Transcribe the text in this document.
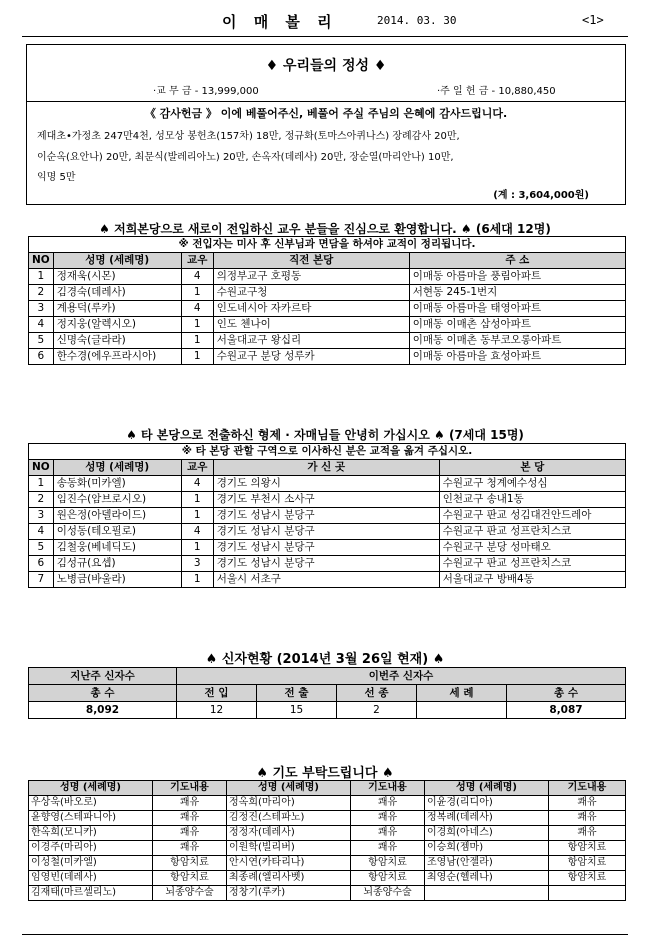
이 매 볼 리	2014. 03. 30	<1>
♦ 우리들의 정성 ♦
·교 무 금 - 13,999,000	·주 일 헌 금 - 10,880,450
《 감사헌금 》 이에 베풀어주신, 베풀어 주실 주님의 은혜에 감사드립니다.
제대초•가정초 247만4천, 성모상 봉헌초(157차) 18만, 정규화(토마스아퀴나스) 장례감사 20만,
이순옥(요안나) 20만, 최문식(발레리아노) 20만, 손옥자(데레사) 20만, 장순열(마리안나) 10만,
익명 5만
(계 : 3,604,000원)
♠ 저희본당으로 새로이 전입하신 교우 분들을 진심으로 환영합니다. ♠ (6세대 12명)
※ 전입자는 미사 후 신부님과 면담을 하셔야 교적이 정리됩니다.				
NO	성명 (세례명)	교우	직전 본당	주 소
1	정재욱(시몬)	4	의정부교구 호평동	이매동 아름마을 풍림아파트
2	김경숙(데레사)	1	수원교구청	서현동 245-1번지
3	계용덕(루카)	4	인도네시아 자카르타	이매동 아름마을 태영아파트
4	정지웅(알렉시오)	1	인도 첸나이	이매동 이매촌 삼성아파트
5	신명숙(글라라)	1	서울대교구 왕십리	이매동 이매촌 동부코오롱아파트
6	한수경(에우프라시아)	1	수원교구 분당 성루카	이매동 아름마을 효성아파트
♠ 타 본당으로 전출하신 형제 · 자매님들 안녕히 가십시오 ♠ (7세대 15명)
※ 타 본당 관할 구역으로 이사하신 분은 교적을 옮겨 주십시오.				
NO	성명 (세례명)	교우	가 신 곳	본 당
1	송동화(미카엘)	4	경기도 의왕시	수원교구 청계예수성심
2	임진수(암브로시오)	1	경기도 부천시 소사구	인천교구 송내1동
3	원은정(아델라이드)	1	경기도 성남시 분당구	수원교구 판교 성김대건안드레아
4	이성동(테오필로)	4	경기도 성남시 분당구	수원교구 판교 성프란치스코
5	김철웅(베네딕도)	1	경기도 성남시 분당구	수원교구 분당 성마태오
6	김성규(요셉)	3	경기도 성남시 분당구	수원교구 판교 성프란치스코
7	노병금(바울라)	1	서울시 서초구	서울대교구 방배4동
♠ 신자현황 (2014년 3월 26일 현재) ♠
지난주 신자수	이번주 신자수				
총 수	전 입	전 출	선 종	세 례	총 수
8,092	12	15	2		8,087
♠ 기도 부탁드립니다 ♠
성명 (세례명)	기도내용	성명 (세례명)	기도내용	성명 (세례명)	기도내용
우상욱(바오로)	쾌유	정옥희(마리아)	쾌유	이윤경(리디아)	쾌유
윤향영(스테파니아)	쾌유	김정진(스테파노)	쾌유	정복례(데레사)	쾌유
한옥희(모니카)	쾌유	정정자(데레사)	쾌유	이경희(아네스)	쾌유
이경주(마리아)	쾌유	이원학(빌리버)	쾌유	이승희(젬마)	항암치료
이성철(미카엘)	항암치료	안시연(카타리나)	항암치료	조영남(안젤라)	항암치료
임영빈(데레사)	항암치료	최종례(엘리사벳)	항암치료	최영순(헬레나)	항암치료
김재태(마르셀리노)	뇌종양수술	정창기(루카)	뇌종양수술		
